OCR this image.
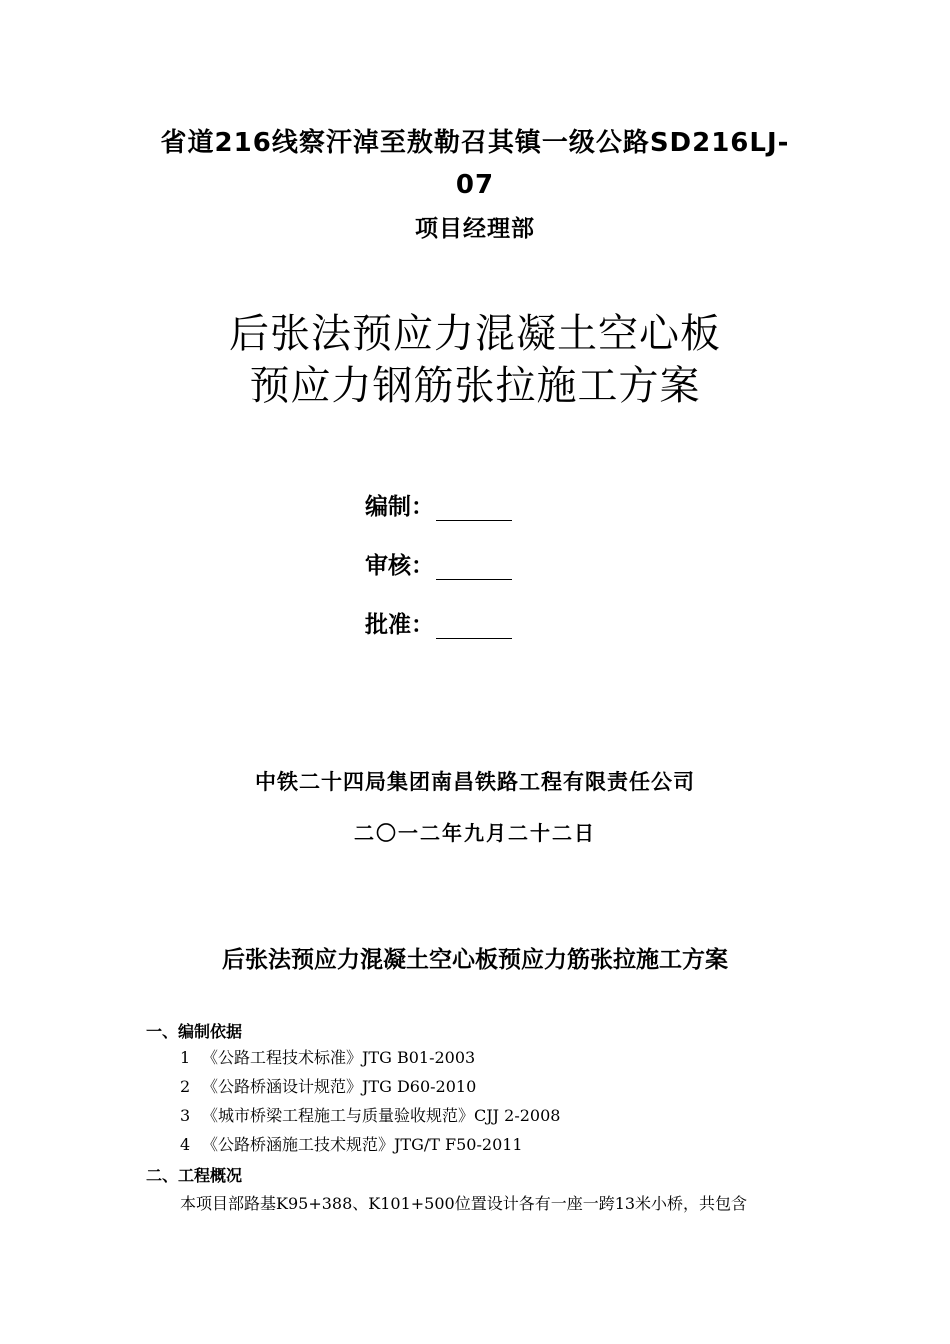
省道216线察汗淖至敖勒召其镇一级公路SD216LJ-
07
项目经理部
后张法预应力混凝土空心板
预应力钢筋张拉施工方案
编制：
审核：
批准：
中铁二十四局集团南昌铁路工程有限责任公司
二〇一二年九月二十二日
后张法预应力混凝土空心板预应力筋张拉施工方案
一、编制依据
1 《公路工程技术标准》JTG B01-2003
2 《公路桥涵设计规范》JTG D60-2010
3 《城市桥梁工程施工与质量验收规范》CJJ 2-2008
4 《公路桥涵施工技术规范》JTG/T F50-2011
二、工程概况
本项目部路基K95+388、K101+500位置设计各有一座一跨13米小桥，共包含
